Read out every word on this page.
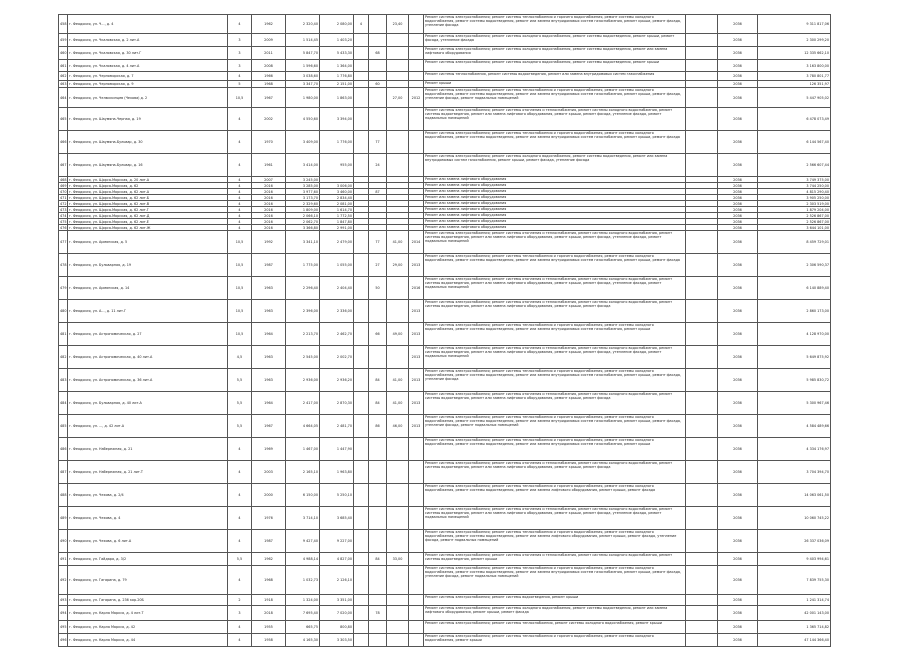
458	г. Феодосия, ул. Ч..., д. 4	4	1962	2 320,40	2 080,00	4		23,40		Ремонт системы электроснабжения; ремонт системы теплоснабжения и горячего водоснабжения, ремонт системы холодного водоснабжения, ремонт системы водоотведения, ремонт или замена внутридомовых систем газоснабжения, ремонт крыши, ремонт фасада, утепление фасада		2036	9 311 817,06
459	г. Феодосия, ул. Чкаловская, д. 2 лит.А	3	2009	1 514,45	1 403,20					Ремонт системы электроснабжения; ремонт системы холодного водоснабжения, ремонт системы водоотведения, ремонт крыши, ремонт фасада, утепление фасада		2036	2 300 299,20
460	г. Феодосия, ул. Чкаловская, д. 30 лит.Г	3	2011	5 847,70	5 433,30		68			Ремонт системы электроснабжения; ремонт системы холодного водоснабжения, ремонт системы водоотведения, ремонт или замена лифтового оборудования		2036	12 335 662,10
461	г. Феодосия, ул. Чкаловская, д. 4 лит.А	3	2008	1 596,60	1 364,00					Ремонт системы электроснабжения; ремонт системы холодного водоснабжения, ремонт системы водоотведения, ремонт крыши		2036	3 163 800,00
462	г. Феодосия, ул. Черноморская, д. 7	4	1966	3 038,60	1 776,80					Ремонт системы теплоснабжения, ремонт системы водоотведения, ремонт или замена внутридомовых систем газоснабжения		2036	3 780 801,77
463	г. Феодосия, ул. Черноморская, д. 9	5	1968	3 347,70	2 151,00		60			Ремонт крыши		2036	126 351,97
464	г. Феодосия, ул. Челюскинцев (Чехова) д. 2	10,5	1967	1 980,00	1 863,00			27,00	2012	Ремонт системы электроснабжения; ремонт системы теплоснабжения и горячего водоснабжения, ремонт системы холодного водоснабжения, ремонт системы водоотведения, ремонт или замена внутридомовых систем газоснабжения, ремонт крыши, ремонт фасада, утепление фасада, ремонт подвальных помещений		2036	5 447 905,02
465	г. Феодосия, ул. Шаумяна-Черная, д. 19	4	2002	4 550,60	3 394,00					Ремонт системы электроснабжения; ремонт системы отопления и теплоснабжения, ремонт системы холодного водоснабжения, ремонт системы водоотведения, ремонт или замена лифтового оборудования, ремонт крыши, ремонт фасада, утепление фасада, ремонт подвальных помещений		2036	6 478 073,49
466	г. Феодосия, ул. Шаумяна-Бульвар, д. 30	4	1970	3 409,00	1 776,00		77			Ремонт системы электроснабжения; ремонт системы теплоснабжения и горячего водоснабжения, ремонт системы холодного водоснабжения, ремонт системы водоотведения, ремонт или замена внутридомовых систем газоснабжения, ремонт крыши, ремонт фасада		2036	6 144 567,40
467	г. Феодосия, ул. Шаумяна-Бульвар, д. 16	4	1961	3 414,00	955,00		24			Ремонт системы электроснабжения; ремонт системы холодного водоснабжения, ремонт системы водоотведения, ремонт или замена внутридомовых систем газоснабжения, ремонт крыши, ремонт фасада, утепление фасада		2036	2 566 607,44
468	г. Феодосия, ул. Щорса-Морская, д. 20 лит.А	4	2007	3 245,00						Ремонт или замена лифтового оборудования		2036	3 749 375,00
469	г. Феодосия, ул. Щорса-Морская, д. 62	4	2016	3 285,00	3 006,00					Ремонт или замена лифтового оборудования		2036	3 744 250,00
470	г. Феодосия, ул. Щорса-Морская, д. 62 лит.А	4	2016	3 977,60	3 460,00		87			Ремонт или замена лифтового оборудования		2036	4 815 290,40
471	г. Феодосия, ул. Щорса-Морская, д. 62 лит.Б	4	2016	3 173,70	2 834,40					Ремонт или замена лифтового оборудования		2036	3 905 250,00
472	г. Феодосия, ул. Щорса-Морская, д. 62 лит.В	4	2016	2 329,60	2 081,00					Ремонт или замена лифтового оборудования		2036	2 303 519,00
473	г. Феодосия, ул. Щорса-Морская, д. 62 лит.Г	4	2016	1 809,00	1 614,70					Ремонт или замена лифтового оборудования		2036	1 879 204,00
474	г. Феодосия, ул. Щорса-Морская, д. 62 лит.Д	4	2016	2 066,10	1 772,50					Ремонт или замена лифтового оборудования		2036	2 526 867,00
475	г. Феодосия, ул. Щорса-Морская, д. 62 лит.Е	4	2016	2 062,70	1 847,80					Ремонт или замена лифтового оборудования		2036	2 526 867,00
476	г. Феодосия, ул. Щорса-Морская, д. 62 лит.Ж	4	2016	3 366,80	2 991,00					Ремонт или замена лифтового оборудования		2036	3 644 101,00
477	г. Феодосия, ул. Армянская, д. 5	10,5	1992	3 341,10	2 479,00		77	41,00	2014	Ремонт системы электроснабжения; ремонт системы отопления и теплоснабжения, ремонт системы холодного водоснабжения, ремонт системы водоотведения, ремонт или замена лифтового оборудования, ремонт крыши, ремонт фасада, утепление фасада, ремонт подвальных помещений		2036	8 459 729,01
478	г. Феодосия, ул. Бульварная, д. 19	10,5	1987	1 775,00	1 055,00		27	29,00	2013	Ремонт системы электроснабжения; ремонт системы теплоснабжения и горячего водоснабжения, ремонт системы холодного водоснабжения, ремонт системы водоотведения, ремонт или замена внутридомовых систем газоснабжения, ремонт крыши, ремонт фасада		2036	2 306 590,37
479	г. Феодосия, ул. Армянская, д. 14	10,5	1963	2 296,40	2 404,40		50		2016	Ремонт системы электроснабжения; ремонт системы отопления и теплоснабжения, ремонт системы холодного водоснабжения, ремонт системы водоотведения, ремонт или замена лифтового оборудования, ремонт крыши, ремонт фасада, утепление фасада, ремонт подвальных помещений		2036	6 140 889,40
480	г. Феодосия, ул. А..., д. 11 лит.Г	10,5	1963	2 396,00	2 336,00				2013	Ремонт системы электроснабжения; ремонт системы отопления и теплоснабжения, ремонт системы холодного водоснабжения, ремонт системы водоотведения, ремонт или замена лифтового оборудования, ремонт крыши, ремонт фасада		2036	2 860 173,00
481	г. Феодосия, ул. Астрономическая, д. 27	10,5	1964	2 213,70	2 462,70		66	49,00	2013	Ремонт системы электроснабжения; ремонт системы теплоснабжения и горячего водоснабжения, ремонт системы холодного водоснабжения, ремонт системы водоотведения, ремонт или замена внутридомовых систем газоснабжения, ремонт крыши		2036	4 128 970,00
482	г. Феодосия, ул. Астрономическая, д. 40 лит.А	4,5	1963	2 545,00	2 002,70				2013	Ремонт системы электроснабжения; ремонт системы отопления и теплоснабжения, ремонт системы холодного водоснабжения, ремонт системы водоотведения, ремонт или замена лифтового оборудования, ремонт крыши, ремонт фасада, утепление фасада, ремонт подвальных помещений		2036	5 649 875,92
483	г. Феодосия, ул. Астрономическая, д. 36 лит.А	5,5	1963	2 936,00	2 936,20		84	41,00	2013	Ремонт системы электроснабжения; ремонт системы теплоснабжения и горячего водоснабжения, ремонт системы холодного водоснабжения, ремонт системы водоотведения, ремонт или замена внутридомовых систем газоснабжения, ремонт крыши, ремонт фасада, утепление фасада		2036	5 985 830,72
484	г. Феодосия, ул. Бульварная, д. 40 лит.А	5,5	1964	2 417,00	2 870,30		84	41,00	2013	Ремонт системы электроснабжения; ремонт системы отопления и теплоснабжения, ремонт системы холодного водоснабжения, ремонт системы водоотведения, ремонт или замена лифтового оборудования, ремонт крыши, ремонт фасада		2036	5 300 967,46
485	г. Феодосия, ул. ..., д. 42 лит.А	5,5	1967	4 664,05	2 481,70		86	46,00	2013	Ремонт системы электроснабжения; ремонт системы теплоснабжения и горячего водоснабжения, ремонт системы холодного водоснабжения, ремонт системы водоотведения, ремонт или замена внутридомовых систем газоснабжения, ремонт крыши, ремонт фасада, утепление фасада, ремонт подвальных помещений		2036	4 584 489,66
486	г. Феодосия, ул. Набережная, д. 21	4	1969	1 467,00	1 447,90					Ремонт системы электроснабжения; ремонт системы теплоснабжения и горячего водоснабжения, ремонт системы холодного водоснабжения, ремонт системы водоотведения, ремонт или замена внутридомовых систем газоснабжения, ремонт крыши		2036	4 334 176,97
487	г. Феодосия, ул. Набережная, д. 21 лит.Т	4	2003	2 165,10	1 963,80					Ремонт системы электроснабжения; ремонт системы отопления и теплоснабжения, ремонт системы холодного водоснабжения, ремонт системы водоотведения, ремонт или замена лифтового оборудования, ремонт крыши, ремонт фасада		2036	3 704 394,70
488	г. Феодосия, ул. Чехова, д. 2/4	4	2000	6 150,00	5 250,10					Ремонт системы электроснабжения; ремонт системы теплоснабжения и горячего водоснабжения, ремонт системы холодного водоснабжения, ремонт системы водоотведения, ремонт или замена лифтового оборудования, ремонт крыши, ремонт фасада		2036	14 063 061,50
489	г. Феодосия, ул. Чехова, д. 4	4	1976	3 714,10	3 685,40					Ремонт системы электроснабжения; ремонт системы отопления и теплоснабжения, ремонт системы холодного водоснабжения, ремонт системы водоотведения, ремонт или замена лифтового оборудования, ремонт крыши, ремонт фасада, утепление фасада, ремонт подвальных помещений		2036	10 060 745,22
490	г. Феодосия, ул. Чехова, д. 6 лит.А	4	1987	9 427,40	9 227,00					Ремонт системы электроснабжения; ремонт системы теплоснабжения и горячего водоснабжения, ремонт системы холодного водоснабжения, ремонт системы водоотведения, ремонт или замена лифтового оборудования, ремонт крыши, ремонт фасада, утепление фасада, ремонт подвальных помещений		2036	26 337 036,09
491	г. Феодосия, ул. Гайдара, д. 3/2	5,5	1962	4 988,14	4 827,00		84	33,00		Ремонт системы электроснабжения; ремонт системы отопления и теплоснабжения, ремонт системы холодного водоснабжения, ремонт системы водоотведения, ремонт крыши		2036	9 403 994,61
492	г. Феодосия, ул. Гагарина, д. 79	4	1968	1 032,73	2 126,10					Ремонт системы электроснабжения; ремонт системы теплоснабжения и горячего водоснабжения, ремонт системы холодного водоснабжения, ремонт системы водоотведения, ремонт или замена внутридомовых систем газоснабжения, ремонт крыши, ремонт фасада, утепление фасада, ремонт подвальных помещений		2036	7 839 755,30
493	г. Феодосия, ул. Гагарина, д. 236 кор.20Б	2	1918	1 324,00	3 351,00					Ремонт системы электроснабжения; ремонт системы водоотведения, ремонт крыши		2036	1 241 314,74
494	г. Феодосия, ул. Карла Маркса, д. 4 лит.Т	3	2018	7 695,40	7 020,00		78			Ремонт системы электроснабжения; ремонт системы холодного водоснабжения, ремонт системы водоотведения, ремонт или замена лифтового оборудования, ремонт крыши, ремонт фасада		2036	42 001 143,00
495	г. Феодосия, ул. Карла Маркса, д. 42	4	1955	665,75	800,80					Ремонт системы электроснабжения; ремонт системы теплоснабжения, ремонт системы холодного водоснабжения, ремонт крыши		2036	1 365 714,82
496	г. Феодосия, ул. Карла Маркса, д. 44	4	1958	4 165,30	3 303,50					Ремонт системы электроснабжения; ремонт системы теплоснабжения и горячего водоснабжения, ремонт системы холодного водоснабжения, ремонт крыши		2036	47 144 366,40
